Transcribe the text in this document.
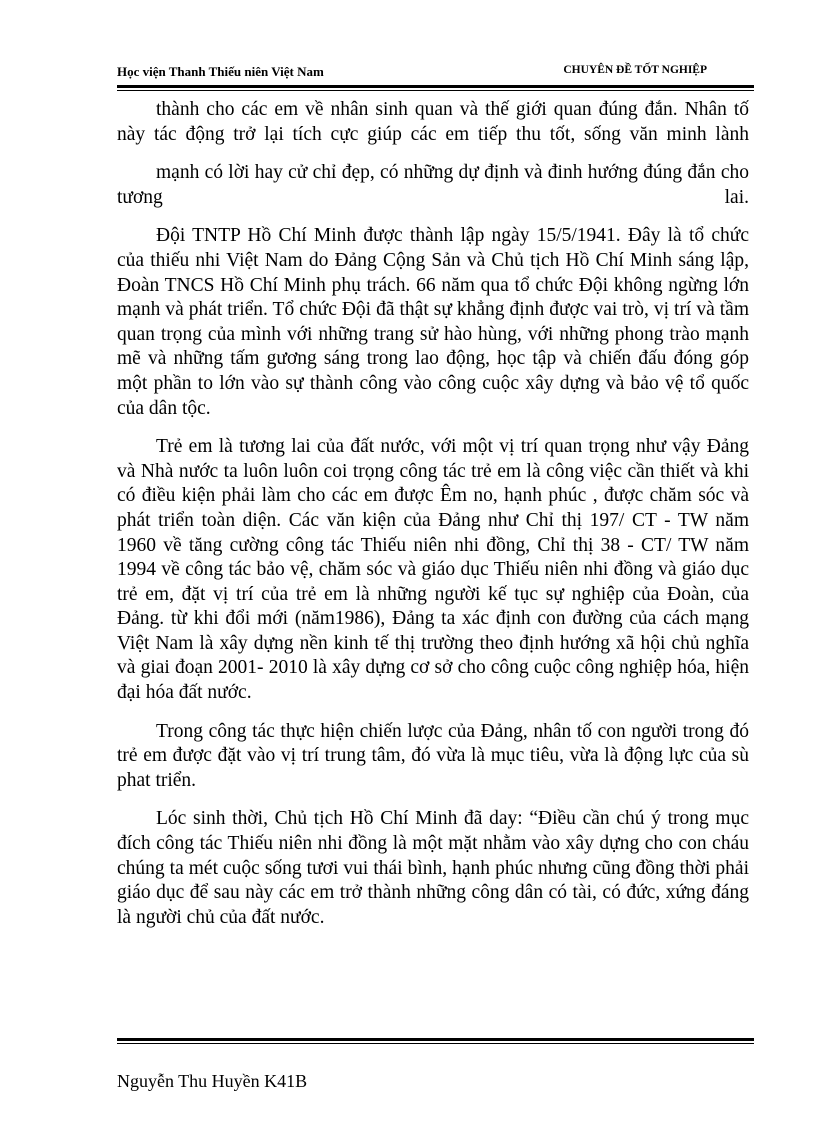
Học viện Thanh Thiếu niên Việt Nam	CHUYÊN ĐỀ TỐT NGHIỆP

thành cho các em về nhân sinh quan và thế giới quan đúng đắn. Nhân tố này tác động trở lại tích cực giúp các em tiếp thu tốt, sống văn minh lành

mạnh có lời hay cử chỉ đẹp, có những dự định và đinh hướng đúng đắn cho tương lai.

Đội TNTP Hồ Chí Minh được thành lập ngày 15/5/1941. Đây là tổ chức của thiếu nhi Việt Nam do Đảng Cộng Sản và Chủ tịch Hồ Chí Minh sáng lập, Đoàn TNCS Hồ Chí Minh phụ trách. 66 năm qua tổ chức Đội không ngừng lớn mạnh và phát triển. Tổ chức Đội đã thật sự khẳng định được vai trò, vị trí và tầm quan trọng của mình với những trang sử hào hùng, với những phong trào mạnh mẽ và những tấm gương sáng trong lao động, học tập và chiến đấu đóng góp một phần to lớn vào sự thành công vào công cuộc xây dựng và bảo vệ tổ quốc của dân tộc.

Trẻ em là tương lai của đất nước, với một vị trí quan trọng như vậy Đảng và Nhà nước ta luôn luôn coi trọng công tác trẻ em là công việc cần thiết và khi có điều kiện phải làm cho các em được Êm no, hạnh phúc , được chăm sóc và phát triển toàn diện. Các văn kiện của Đảng như Chỉ thị 197/ CT - TW năm 1960 về tăng cường công tác Thiếu niên nhi đồng, Chỉ thị 38 - CT/ TW năm 1994 về công tác bảo vệ, chăm sóc và giáo dục Thiếu niên nhi đồng và giáo dục trẻ em, đặt vị trí của trẻ em là những người kế tục sự nghiệp của Đoàn, của Đảng. từ khi đổi mới (năm1986), Đảng ta xác định con đường của cách mạng Việt Nam là xây dựng nền kinh tế thị trường theo định hướng xã hội chủ nghĩa và giai đoạn 2001- 2010 là xây dựng cơ sở cho công cuộc công nghiệp hóa, hiện đại hóa đất nước.

Trong công tác thực hiện chiến lược của Đảng, nhân tố con người trong đó trẻ em được đặt vào vị trí trung tâm, đó vừa là mục tiêu, vừa là động lực của sù phat triển.

Lóc sinh thời, Chủ tịch Hồ Chí Minh đã day: “Điều cần chú ý trong mục đích công tác Thiếu niên nhi đồng là một mặt nhằm vào xây dựng cho con cháu chúng ta mét cuộc sống tươi vui thái bình, hạnh phúc nhưng cũng đồng thời phải giáo dục để sau này các em trở thành những công dân có tài, có đức, xứng đáng là người chủ của đất nước.

Nguyễn Thu Huyền K41B
